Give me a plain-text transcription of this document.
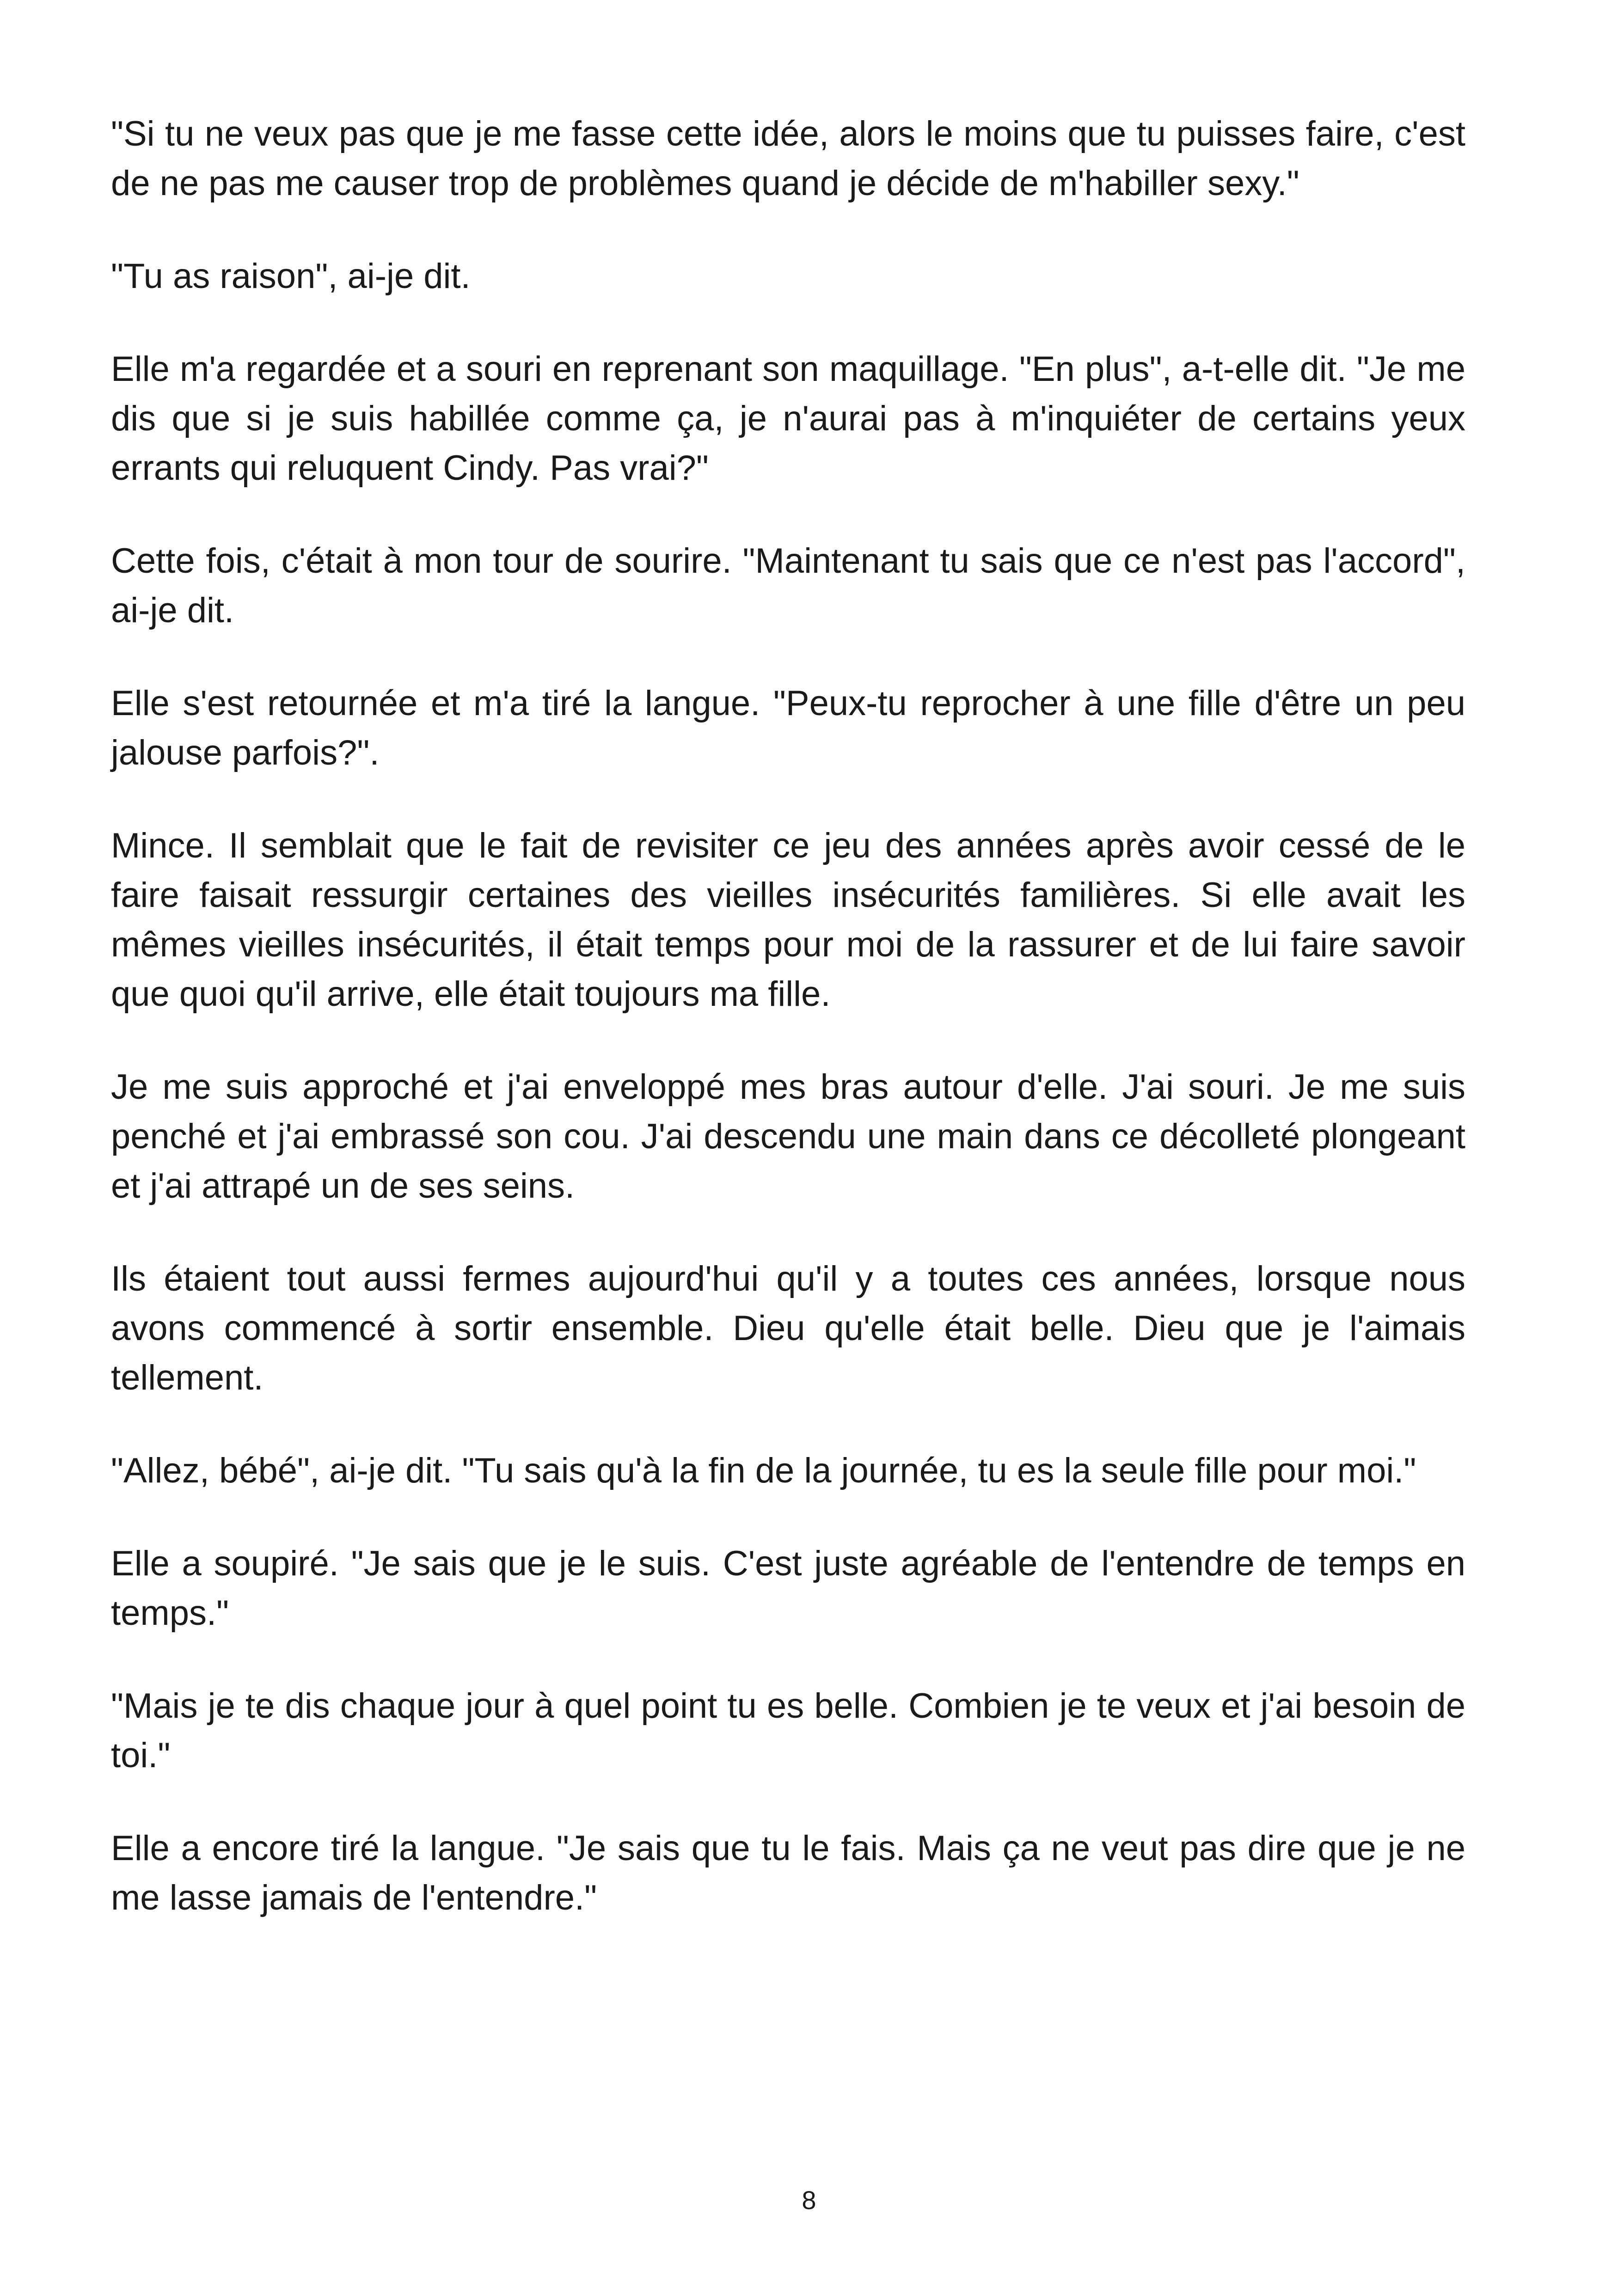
"Si tu ne veux pas que je me fasse cette idée, alors le moins que tu puisses faire, c'est de ne pas me causer trop de problèmes quand je décide de m'habiller sexy."

"Tu as raison", ai-je dit.

Elle m'a regardée et a souri en reprenant son maquillage. "En plus", a-t-elle dit. "Je me dis que si je suis habillée comme ça, je n'aurai pas à m'inquiéter de certains yeux errants qui reluquent Cindy. Pas vrai?"

Cette fois, c'était à mon tour de sourire. "Maintenant tu sais que ce n'est pas l'accord", ai-je dit.

Elle s'est retournée et m'a tiré la langue. "Peux-tu reprocher à une fille d'être un peu jalouse parfois?".

Mince. Il semblait que le fait de revisiter ce jeu des années après avoir cessé de le faire faisait ressurgir certaines des vieilles insécurités familières. Si elle avait les mêmes vieilles insécurités, il était temps pour moi de la rassurer et de lui faire savoir que quoi qu'il arrive, elle était toujours ma fille.

Je me suis approché et j'ai enveloppé mes bras autour d'elle. J'ai souri. Je me suis penché et j'ai embrassé son cou. J'ai descendu une main dans ce décolleté plongeant et j'ai attrapé un de ses seins.

Ils étaient tout aussi fermes aujourd'hui qu'il y a toutes ces années, lorsque nous avons commencé à sortir ensemble. Dieu qu'elle était belle. Dieu que je l'aimais tellement.

"Allez, bébé", ai-je dit. "Tu sais qu'à la fin de la journée, tu es la seule fille pour moi."

Elle a soupiré. "Je sais que je le suis. C'est juste agréable de l'entendre de temps en temps."

"Mais je te dis chaque jour à quel point tu es belle. Combien je te veux et j'ai besoin de toi."

Elle a encore tiré la langue. "Je sais que tu le fais. Mais ça ne veut pas dire que je ne me lasse jamais de l'entendre."

8
